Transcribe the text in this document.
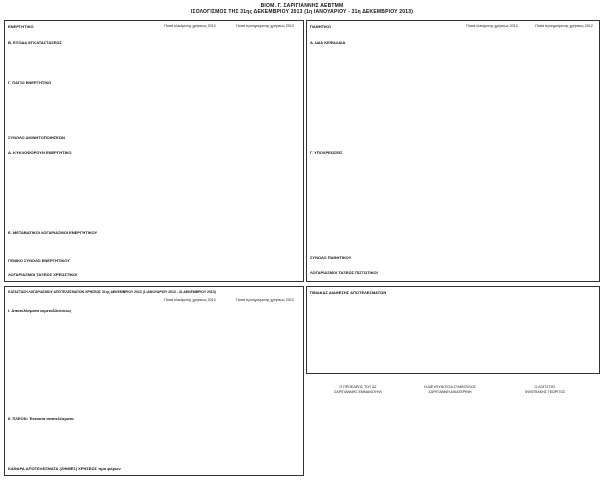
ΒΙΟΜ. Γ. ΣΑΡΙΓΙΑΝΝΗΣ ΑΕΒΤΜΜ
ΙΣΟΛΟΓΙΣΜΟΣ ΤΗΣ 31ης ΔΕΚΕΜΒΡΙΟΥ 2013 (1η ΙΑΝΟΥΑΡΙΟΥ - 31η ΔΕΚΕΜΒΡΙΟΥ 2013)
ΕΝΕΡΓΗΤΙΚΟ	Ποσά κλειόμενης χρήσεως 2013	Ποσά προηγούμενης χρήσεως 2012
Β. ΕΞΟΔΑ ΕΓΚΑΤΑΣΤΑΣΕΩΣ
Γ. ΠΑΓΙΟ ΕΝΕΡΓΗΤΙΚΟ
ΣΥΝΟΛΟ ΑΚΙΝΗΤΟΠΟΙΗΣΕΩΝ
Δ. ΚΥΚΛΟΦΟΡΟΥΝ ΕΝΕΡΓΗΤΙΚΟ
Ε. ΜΕΤΑΒΑΤΙΚΟΙ ΛΟΓΑΡΙΑΣΜΟΙ ΕΝΕΡΓΗΤΙΚΟΥ
ΓΕΝΙΚΟ ΣΥΝΟΛΟ ΕΝΕΡΓΗΤΙΚΟΥ
ΛΟΓΑΡΙΑΣΜΟΙ ΤΑΞΕΩΣ ΧΡΕΩΣΤΙΚΟΙ
ΠΑΘΗΤΙΚΟ	Ποσά κλειόμενης χρήσεως 2013	Ποσά προηγούμενης χρήσεως 2012
Α. ΙΔΙΑ ΚΕΦΑΛΑΙΑ
Γ. ΥΠΟΧΡΕΩΣΕΙΣ
ΣΥΝΟΛΟ ΠΑΘΗΤΙΚΟΥ
ΛΟΓΑΡΙΑΣΜΟΙ ΤΑΞΕΩΣ ΠΙΣΤΩΤΙΚΟΙ
ΚΑΤΑΣΤΑΣΗ ΛΟΓΑΡΙΑΣΜΟΥ ΑΠΟΤΕΛΕΣΜΑΤΩΝ ΧΡΗΣΕΩΣ 31ης ΔΕΚΕΜΒΡΙΟΥ 2013 (1 ΙΑΝΟΥΑΡΙΟΥ 2013 - 31 ΔΕΚΕΜΒΡΙΟΥ 2013)
Ποσά κλειόμενης χρήσεως 2013	Ποσά προηγούμενης χρήσεως 2012
I. Αποτελέσματα εκμεταλλεύσεως
II. ΠΛΕΟΝ: Έκτακτα αποτελέσματα
ΚΑΘΑΡΑ ΑΠΟΤΕΛΕΣΜΑΤΑ (ΖΗΜΙΕΣ) ΧΡΗΣΕΩΣ προ φόρων
ΠΙΝΑΚΑΣ ΔΙΑΘΕΣΗΣ ΑΠΟΤΕΛΕΣΜΑΤΩΝ
Ο ΠΡΟΕΔΡΟΣ ΤΟΥ ΔΣ
ΣΑΡΙΓΙΑΝΝΗΣ ΕΜΜΑΝΟΥΗΛ
Η ΔΙΕΥΘΥΝΟΥΣΑ ΣΥΜΒΟΥΛΟΣ
ΣΑΡΙΓΙΑΝΝΗ ΑΙΚΑΤΕΡΙΝΗ
Ο ΛΟΓΙΣΤΗΣ
ΦΙΛΙΠΠΑΚΗΣ ΓΕΩΡΓΙΟΣ
